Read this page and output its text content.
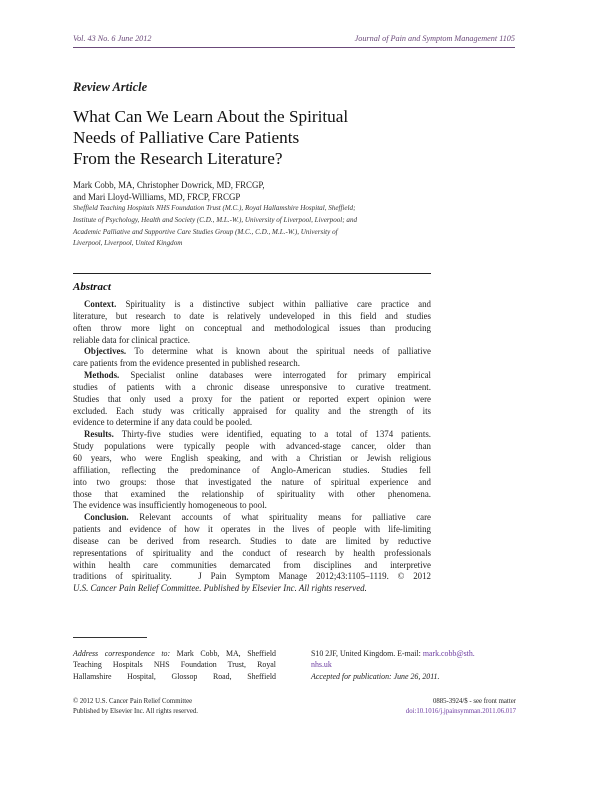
Vol. 43 No. 6 June 2012	Journal of Pain and Symptom Management 1105
Review Article
What Can We Learn About the Spiritual
Needs of Palliative Care Patients
From the Research Literature?
Mark Cobb, MA, Christopher Dowrick, MD, FRCGP,
and Mari Lloyd-Williams, MD, FRCP, FRCGP
Sheffield Teaching Hospitals NHS Foundation Trust (M.C.), Royal Hallamshire Hospital, Sheffield;
Institute of Psychology, Health and Society (C.D., M.L.-W.), University of Liverpool, Liverpool; and
Academic Palliative and Supportive Care Studies Group (M.C., C.D., M.L.-W.), University of
Liverpool, Liverpool, United Kingdom
Abstract
Context. Spirituality is a distinctive subject within palliative care practice and
literature, but research to date is relatively undeveloped in this field and studies
often throw more light on conceptual and methodological issues than producing
reliable data for clinical practice.
Objectives. To determine what is known about the spiritual needs of palliative
care patients from the evidence presented in published research.
Methods. Specialist online databases were interrogated for primary empirical
studies of patients with a chronic disease unresponsive to curative treatment.
Studies that only used a proxy for the patient or reported expert opinion were
excluded. Each study was critically appraised for quality and the strength of its
evidence to determine if any data could be pooled.
Results. Thirty-five studies were identified, equating to a total of 1374 patients.
Study populations were typically people with advanced-stage cancer, older than
60 years, who were English speaking, and with a Christian or Jewish religious
affiliation, reflecting the predominance of Anglo-American studies. Studies fell
into two groups: those that investigated the nature of spiritual experience and
those that examined the relationship of spirituality with other phenomena.
The evidence was insufficiently homogeneous to pool.
Conclusion. Relevant accounts of what spirituality means for palliative care
patients and evidence of how it operates in the lives of people with life-limiting
disease can be derived from research. Studies to date are limited by reductive
representations of spirituality and the conduct of research by health professionals
within health care communities demarcated from disciplines and interpretive
traditions of spirituality.   J Pain Symptom Manage 2012;43:1105–1119. © 2012
U.S. Cancer Pain Relief Committee. Published by Elsevier Inc. All rights reserved.
Address correspondence to: Mark Cobb, MA, Sheffield
Teaching Hospitals NHS Foundation Trust, Royal
Hallamshire Hospital, Glossop Road, Sheffield
S10 2JF, United Kingdom. E-mail: mark.cobb@sth.
nhs.uk
Accepted for publication: June 26, 2011.
© 2012 U.S. Cancer Pain Relief Committee
Published by Elsevier Inc. All rights reserved.
0885-3924/$ - see front matter
doi:10.1016/j.jpainsymman.2011.06.017
